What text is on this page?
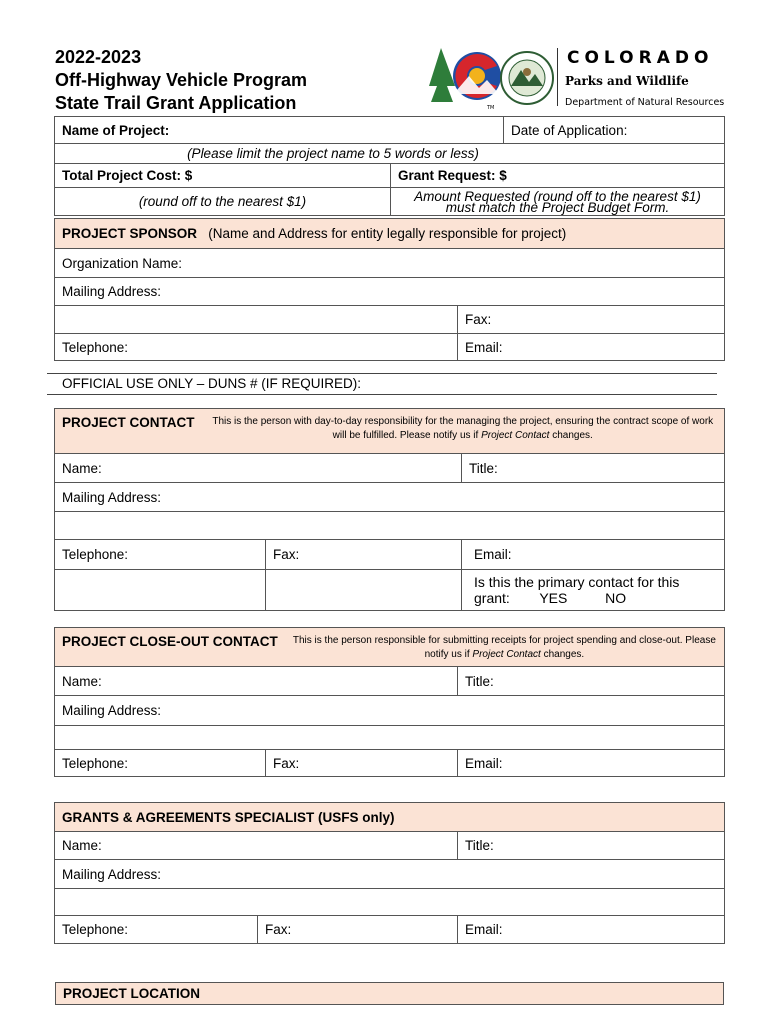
2022-2023
Off-Highway Vehicle Program
State Trail Grant Application	TM
COLORADO
Parks and Wildlife
Department of Natural Resources
Name of Project:		Date of Application:
(Please limit the project name to 5 words or less)		
Total Project Cost: $	Grant Request: $	
(round off to the nearest $1)	Amount Requested (round off to the nearest $1) must match the Project Budget Form.	
PROJECT SPONSOR (Name and Address for entity legally responsible for project)	
Organization Name:	
Mailing Address:	
	Fax:
Telephone:	Email:
OFFICIAL USE ONLY – DUNS # (IF REQUIRED):
PROJECT CONTACT This is the person with day-to-day responsibility for the managing the project, ensuring the contract scope of work will be fulfilled. Please notify us if Project Contact changes.		

Name:		Title:
Mailing Address:		

Telephone:	Fax:	Email:

		Is this the primary contact for this
grant: YES NO
PROJECT CLOSE-OUT CONTACT This is the person responsible for submitting receipts for project spending and close-out. Please notify us if Project Contact changes.		

Name:		Title:
Mailing Address:		

Telephone:	Fax:	Email:
GRANTS & AGREEMENTS SPECIALIST (USFS only)		
Name:		Title:
Mailing Address:		

Telephone:	Fax:	Email:
PROJECT LOCATION
